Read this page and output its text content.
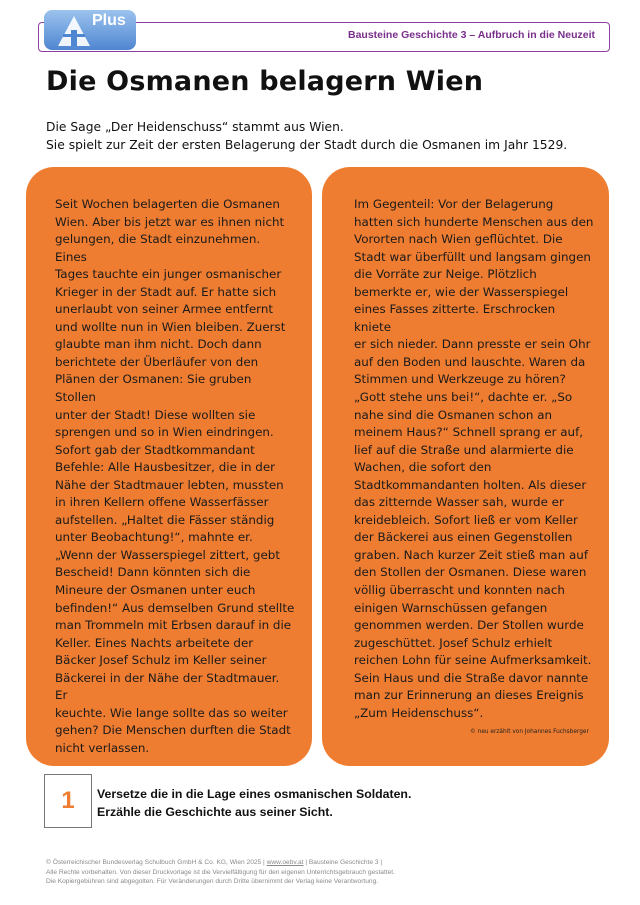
Bausteine Geschichte 3 – Aufbruch in die Neuzeit
Plus
Die Osmanen belagern Wien
Die Sage „Der Heidenschuss“ stammt aus Wien.
Sie spielt zur Zeit der ersten Belagerung der Stadt durch die Osmanen im Jahr 1529.
Seit Wochen belagerten die Osmanen
Wien. Aber bis jetzt war es ihnen nicht
gelungen, die Stadt einzunehmen. Eines
Tages tauchte ein junger osmanischer
Krieger in der Stadt auf. Er hatte sich
unerlaubt von seiner Armee entfernt
und wollte nun in Wien bleiben. Zuerst
glaubte man ihm nicht. Doch dann
berichtete der Überläufer von den
Plänen der Osmanen: Sie gruben Stollen
unter der Stadt! Diese wollten sie
sprengen und so in Wien eindringen.
Sofort gab der Stadtkommandant
Befehle: Alle Hausbesitzer, die in der
Nähe der Stadtmauer lebten, mussten
in ihren Kellern offene Wasserfässer
aufstellen. „Haltet die Fässer ständig
unter Beobachtung!“, mahnte er.
„Wenn der Wasserspiegel zittert, gebt
Bescheid! Dann könnten sich die
Mineure der Osmanen unter euch
befinden!“ Aus demselben Grund stellte
man Trommeln mit Erbsen darauf in die
Keller. Eines Nachts arbeitete der
Bäcker Josef Schulz im Keller seiner
Bäckerei in der Nähe der Stadtmauer. Er
keuchte. Wie lange sollte das so weiter
gehen? Die Menschen durften die Stadt
nicht verlassen.
Im Gegenteil: Vor der Belagerung
hatten sich hunderte Menschen aus den
Vororten nach Wien geflüchtet. Die
Stadt war überfüllt und langsam gingen
die Vorräte zur Neige. Plötzlich
bemerkte er, wie der Wasserspiegel
eines Fasses zitterte. Erschrocken kniete
er sich nieder. Dann presste er sein Ohr
auf den Boden und lauschte. Waren da
Stimmen und Werkzeuge zu hören?
„Gott stehe uns bei!“, dachte er. „So
nahe sind die Osmanen schon an
meinem Haus?“ Schnell sprang er auf,
lief auf die Straße und alarmierte die
Wachen, die sofort den
Stadtkommandanten holten. Als dieser
das zitternde Wasser sah, wurde er
kreidebleich. Sofort ließ er vom Keller
der Bäckerei aus einen Gegenstollen
graben. Nach kurzer Zeit stieß man auf
den Stollen der Osmanen. Diese waren
völlig überrascht und konnten nach
einigen Warnschüssen gefangen
genommen werden. Der Stollen wurde
zugeschüttet. Josef Schulz erhielt
reichen Lohn für seine Aufmerksamkeit.
Sein Haus und die Straße davor nannte
man zur Erinnerung an dieses Ereignis
„Zum Heidenschuss“.
© neu erzählt von Johannes Fuchsberger
1	Versetze die in die Lage eines osmanischen Soldaten.
Erzähle die Geschichte aus seiner Sicht.
© Österreichischer Bundesverlag Schulbuch GmbH & Co. KG, Wien 2025 | www.oebv.at | Bausteine Geschichte 3 |
Alle Rechte vorbehalten. Von dieser Druckvorlage ist die Vervielfältigung für den eigenen Unterrichtsgebrauch gestattet.
Die Kopiergebühren sind abgegolten. Für Veränderungen durch Dritte übernimmt der Verlag keine Verantwortung.
